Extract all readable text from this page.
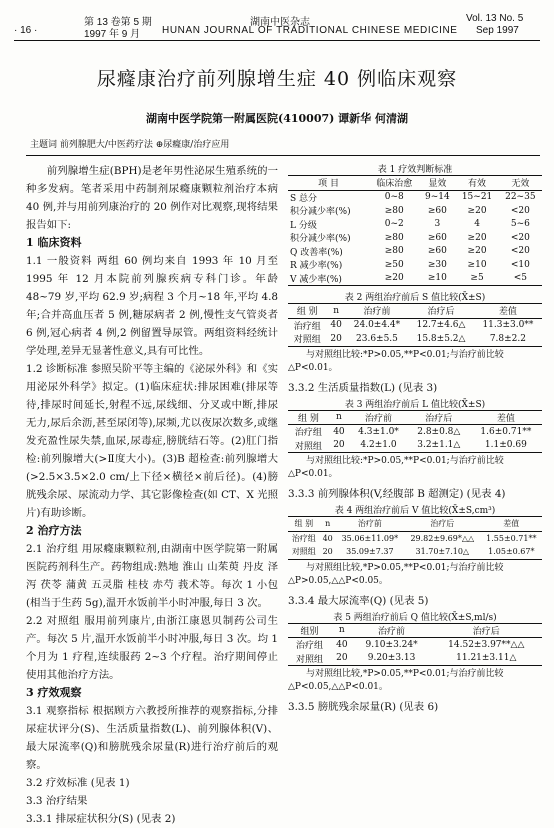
· 16 ·
第 13 卷第 5 期
1997 年 9 月
湖南中医杂志
HUNAN JOURNAL OF TRADITIONAL CHINESE MEDICINE
Vol. 13 No. 5
Sep 1997
尿癃康治疗前列腺增生症 40 例临床观察
湖南中医学院第一附属医院(410007) 谭新华 何清湖
主题词 前列腺肥大/中医药疗法 ⊕尿癃康/治疗应用

前列腺增生症(BPH)是老年男性泌尿生殖系统的一种多发病。笔者采用中药制剂尿癃康颗粒剂治疗本病 40 例,并与用前列康治疗的 20 例作对比观察,现将结果报告如下:

1 临床资料

1.1 一般资料 两组 60 例均来自 1993 年 10 月至 1995 年 12 月本院前列腺疾病专科门诊。年龄 48~79 岁,平均 62.9 岁;病程 3 个月~18 年,平均 4.8 年;合并高血压者 5 例,糖尿病者 2 例,慢性支气管炎者 6 例,冠心病者 4 例,2 例留置导尿管。两组资料经统计学处理,差异无显著性意义,具有可比性。

1.2 诊断标准 参照吴阶平等主编的《泌尿外科》和《实用泌尿外科学》拟定。(1)临床症状:排尿困难(排尿等待,排尿时间延长,射程不远,尿线细、分叉或中断,排尿无力,尿后余沥,甚至尿闭等),尿频,尤以夜尿次数多,或继发充盈性尿失禁,血尿,尿毒症,膀胱结石等。(2)肛门指检:前列腺增大(>Ⅱ度大小)。(3)B 超检查:前列腺增大(>2.5×3.5×2.0 cm/上下径×横径×前后径)。(4)膀胱残余尿、尿流动力学、其它影像检查(如 CT、X 光照片)有助诊断。

2 治疗方法

2.1 治疗组 用尿癃康颗粒剂,由湖南中医学院第一附属医院药剂科生产。药物组成:熟地 淮山 山茱萸 丹皮 泽泻 茯苓 蒲黄 五灵脂 桂枝 赤芍 莪术等。每次 1 小包(相当于生药 5g),温开水饭前半小时冲服,每日 3 次。

2.2 对照组 服用前列康片,由浙江康恩贝制药公司生产。每次 5 片,温开水饭前半小时冲服,每日 3 次。均 1 个月为 1 疗程,连续服药 2~3 个疗程。治疗期间停止使用其他治疗方法。

3 疗效观察

3.1 观察指标 根据顾方六教授所推荐的观察指标,分排尿症状评分(S)、生活质量指数(L)、前列腺体积(V)、最大尿流率(Q)和膀胱残余尿量(R)进行治疗前后的观察。

3.2 疗效标准 (见表 1)

3.3 治疗结果

3.3.1 排尿症状积分(S) (见表 2)

表 1 疗效判断标准

项 目	临床治愈	显效	有效	无效
S 总分	0~8	9~14	15~21	22~35
积分减少率(%)	≥80	≥60	≥20	<20
L 分级	0~2	3	4	5~6
积分减少率(%)	≥80	≥60	≥20	<20
Q 改善率(%)	≥80	≥60	≥20	<20
R 减少率(%)	≥50	≥30	≥10	<10
V 减少率(%)	≥20	≥10	≥5	<5

表 2 两组治疗前后 S 值比较(X̄±S)

组 别	n	治疗前	治疗后	差值
治疗组	40	24.0±4.4*	12.7±4.6△	11.3±3.0**
对照组	20	23.6±5.5	15.8±5.2△	7.8±2.2

与对照组比较:*P>0.05,**P<0.01;与治疗前比较△P<0.01。

3.3.2 生活质量指数(L) (见表 3)

表 3 两组治疗前后 L 值比较(X̄±S)

组 别	n	治疗前	治疗后	差值
治疗组	40	4.3±1.0*	2.8±0.8△	1.6±0.71**
对照组	20	4.2±1.0	3.2±1.1△	1.1±0.69

与对照组比较:*P>0.05,**P<0.01;与治疗前比较△P<0.01。

3.3.3 前列腺体积(V,经腹部 B 超测定) (见表 4)

表 4 两组治疗前后 V 值比较(X̄±S,cm³)

组 别	n	治疗前	治疗后	差值
治疗组	40	35.06±11.09*	29.82±9.69*△△	1.55±0.71**
对照组	20	35.09±7.37	31.70±7.10△	1.05±0.67*

与对照组比较,*P>0.05,**P<0.01;与治疗前比较△P>0.05,△△P<0.05。

3.3.4 最大尿流率(Q) (见表 5)

表 5 两组治疗前后 Q 值比较(X̄±S,ml/s)

组别	n	治疗前	治疗后
治疗组	40	9.10±3.24*	14.52±3.97**△△
对照组	20	9.20±3.13	11.21±3.11△

与对照组比较,*P>0.05,**P<0.01;与治疗前比较△P<0.05,△△P<0.01。

3.3.5 膀胱残余尿量(R) (见表 6)
